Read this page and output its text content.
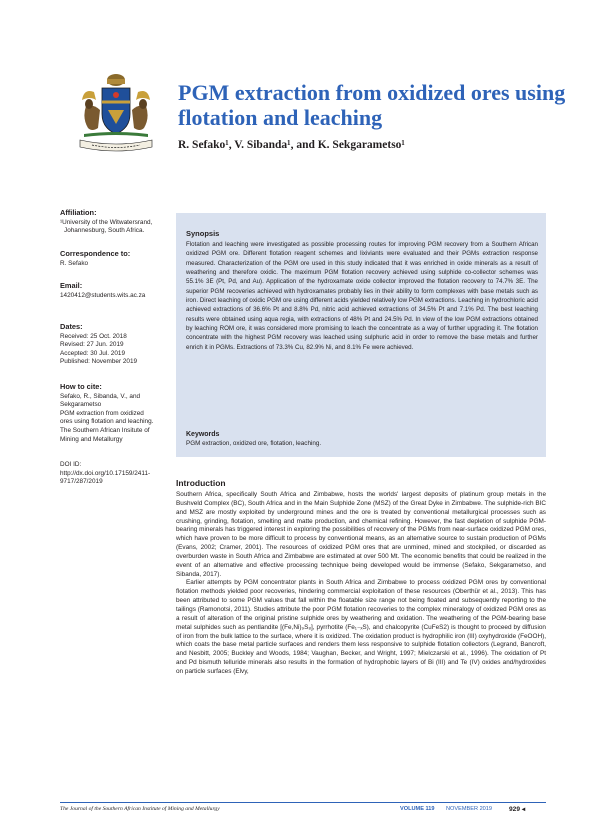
PGM extraction from oxidized ores using flotation and leaching
R. Sefako¹, V. Sibanda¹, and K. Sekgarametso¹
Affiliation:
¹University of the Witwatersrand,
Johannesburg, South Africa.
Correspondence to:
R. Sefako
Email:
1420412@students.wits.ac.za
Dates:
Received: 25 Oct. 2018
Revised: 27 Jun. 2019
Accepted: 30 Jul. 2019
Published: November 2019
How to cite:
Sefako, R., Sibanda, V., and
Sekgarametso
PGM extraction from oxidized
ores using flotation and leaching.
The Southern African Insitute of
Mining and Metallurgy
DOI ID:
http://dx.doi.org/10.17159/2411-
9717/287/2019
Synopsis

Flotation and leaching were investigated as possible processing routes for improving PGM recovery from a Southern African oxidized PGM ore. Different flotation reagent schemes and lixiviants were evaluated and their PGMs extraction response measured. Characterization of the PGM ore used in this study indicated that it was enriched in oxide minerals as a result of weathering and therefore oxidic. The maximum PGM flotation recovery achieved using sulphide co-collector schemes was 55.1% 3E (Pt, Pd, and Au). Application of the hydroxamate oxide collector improved the flotation recovery to 74.7% 3E. The superior PGM recoveries achieved with hydroxamates probably lies in their ability to form complexes with base metals such as iron. Direct leaching of oxidic PGM ore using different acids yielded relatively low PGM extractions. Leaching in hydrochloric acid achieved extractions of 36.6% Pt and 8.8% Pd, nitric acid achieved extractions of 34.5% Pt and 7.1% Pd. The best leaching results were obtained using aqua regia, with extractions of 48% Pt and 24.5% Pd. In view of the low PGM extractions obtained by leaching ROM ore, it was considered more promising to leach the concentrate as a way of further upgrading it. The flotation concentrate with the highest PGM recovery was leached using sulphuric acid in order to remove the base metals and further enrich it in PGMs. Extractions of 73.3% Cu, 82.9% Ni, and 8.1% Fe were achieved.

Keywords
PGM extraction, oxidized ore, flotation, leaching.
Introduction

Southern Africa, specifically South Africa and Zimbabwe, hosts the worlds' largest deposits of platinum group metals in the Bushveld Complex (BC), South Africa and in the Main Sulphide Zone (MSZ) of the Great Dyke in Zimbabwe. The sulphide-rich BIC and MSZ are mostly exploited by underground mines and the ore is treated by conventional metallurgical processes such as crushing, grinding, flotation, smelting and matte production, and chemical refining. However, the fast depletion of sulphide PGM-bearing minerals has triggered interest in exploring the possibilities of recovery of the PGMs from near-surface oxidized PGM ores, which have proven to be more difficult to process by conventional means, as an alternative source to sustain production of PGMs (Evans, 2002; Cramer, 2001). The resources of oxidized PGM ores that are unmined, mined and stockpiled, or discarded as overburden waste in South Africa and Zimbabwe are estimated at over 500 Mt. The economic benefits that could be realized in the event of an alternative and effective processing technique being developed would be immense (Sefako, Sekgarametso, and Sibanda, 2017).

Earlier attempts by PGM concentrator plants in South Africa and Zimbabwe to process oxidized PGM ores by conventional flotation methods yielded poor recoveries, hindering commercial exploitation of these resources (Oberthür et al., 2013). This has been attributed to some PGM values that fall within the floatable size range not being floated and subsequently reporting to the tailings (Ramonotsi, 2011). Studies attribute the poor PGM flotation recoveries to the complex mineralogy of oxidized PGM ores as a result of alteration of the original pristine sulphide ores by weathering and oxidation. The weathering of the PGM-bearing base metal sulphides such as pentlandite [(Fe,Ni)₉S₈], pyrrhotite (Fe₁₋ₓS), and chalcopyrite (CuFeS2) is thought to proceed by diffusion of iron from the bulk lattice to the surface, where it is oxidized. The oxidation product is hydrophilic iron (III) oxyhydroxide (FeOOH), which coats the base metal particle surfaces and renders them less responsive to sulphide flotation collectors (Legrand, Bancroft, and Nesbitt, 2005; Buckley and Woods, 1984; Vaughan, Becker, and Wright, 1997; Mielczarski et al., 1996). The oxidation of Pt and Pd bismuth telluride minerals also results in the formation of hydrophobic layers of Bi (III) and Te (IV) oxides and/hydroxides on particle surfaces (Elvy,

The Journal of the Southern African Institute of Mining and Metallurgy	VOLUME 119 NOVEMBER 2019	929 ◂
